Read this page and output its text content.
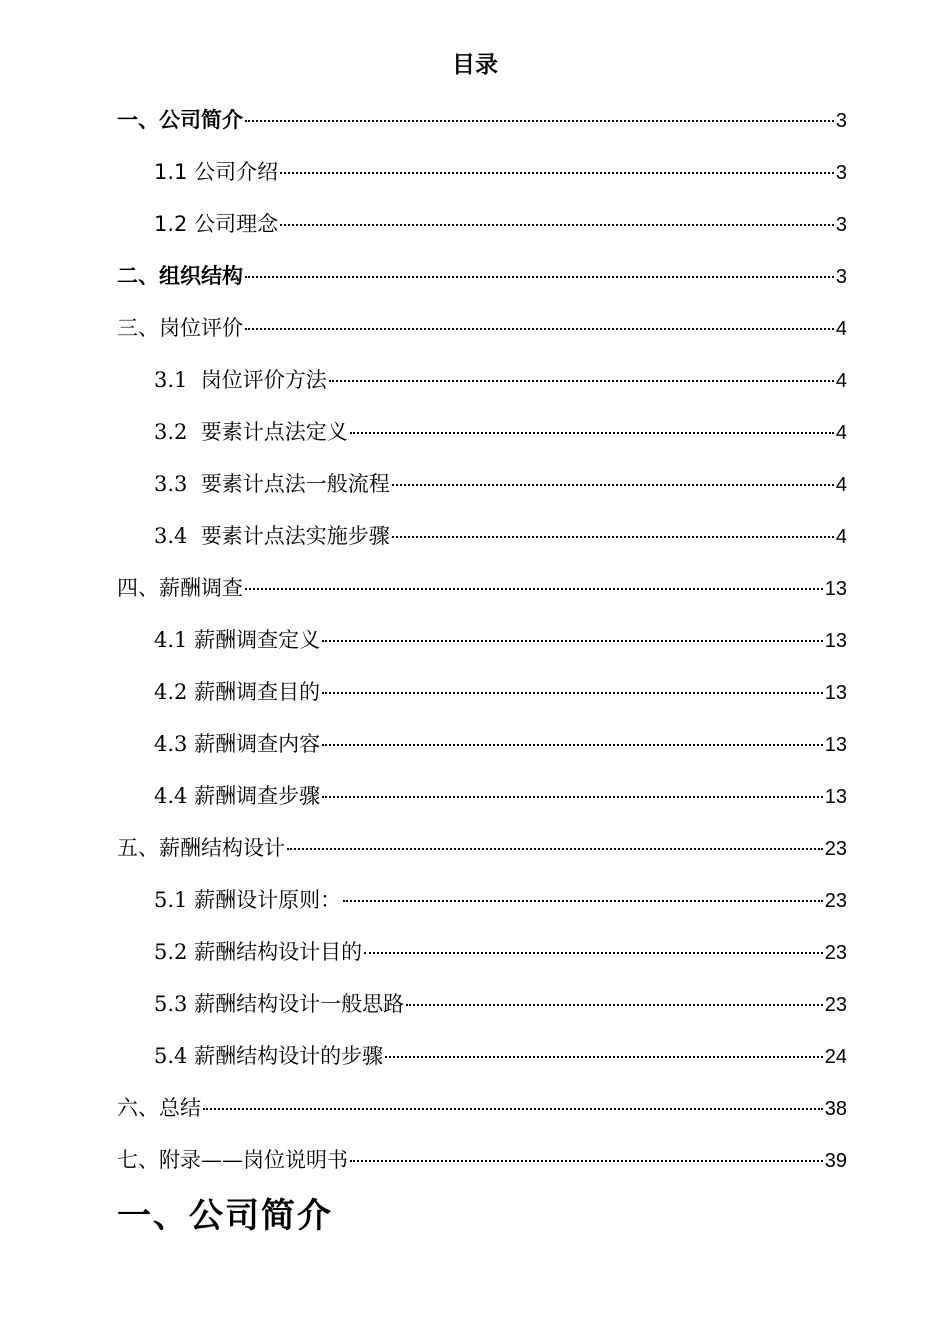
目录
一、公司简介	3
1.1 公司介绍	3
1.2 公司理念	3
二、组织结构	3
三、岗位评价	4
3.1  岗位评价方法	4
3.2  要素计点法定义	4
3.3  要素计点法一般流程	4
3.4  要素计点法实施步骤	4
四、薪酬调查	13
4.1 薪酬调查定义	13
4.2 薪酬调查目的	13
4.3 薪酬调查内容	13
4.4 薪酬调查步骤	13
五、薪酬结构设计	23
5.1 薪酬设计原则：	23
5.2 薪酬结构设计目的	23
5.3 薪酬结构设计一般思路	23
5.4 薪酬结构设计的步骤	24
六、总结	38
七、附录——岗位说明书	39
一、公司简介
